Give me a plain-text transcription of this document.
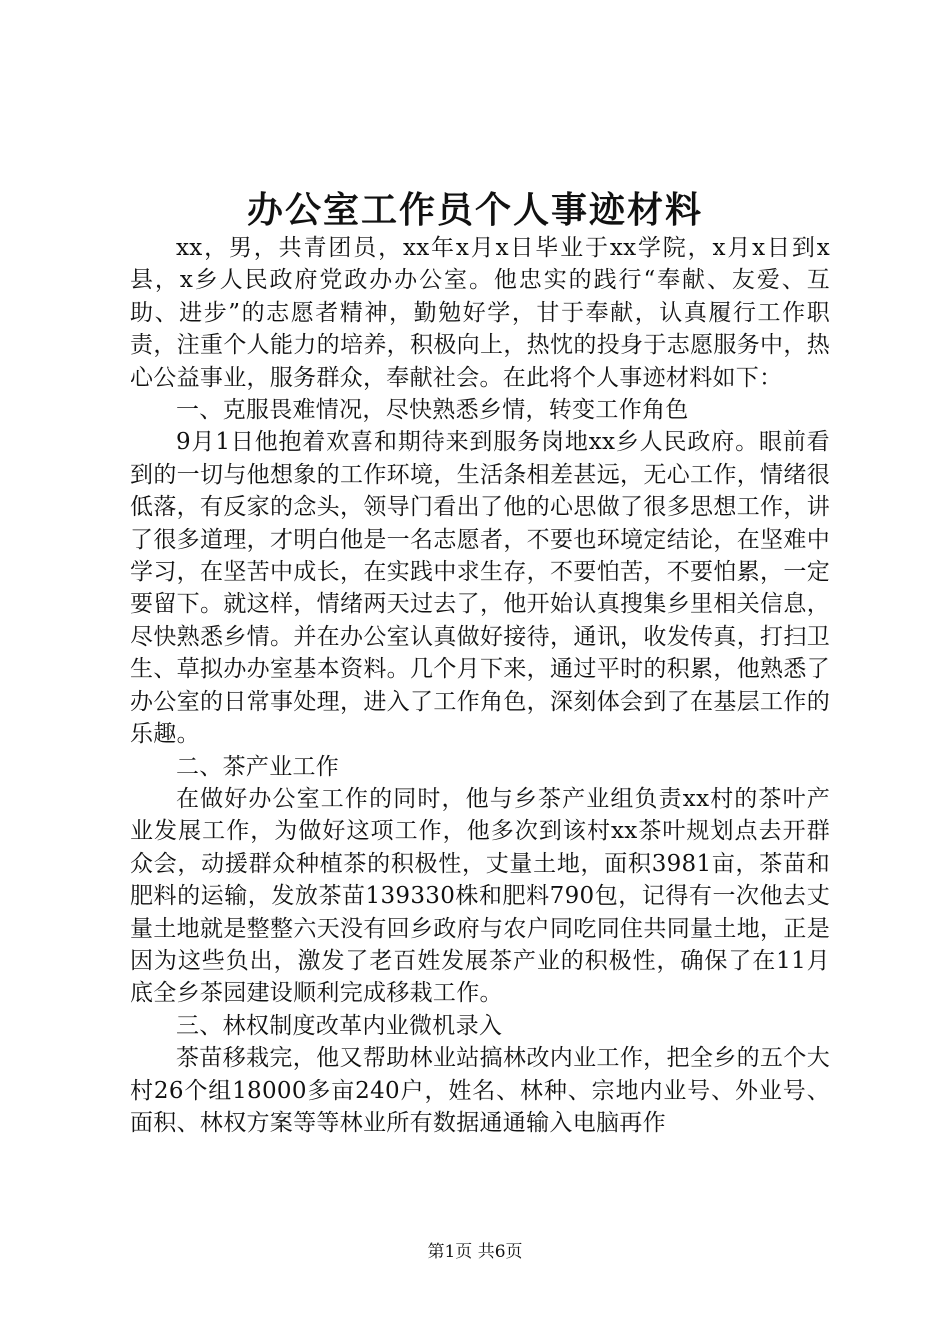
办公室工作员个人事迹材料

xx，男，共青团员，xx年x月x日毕业于xx学院，x月x日到x县，x乡人民政府党政办办公室。他忠实的践行“奉献、友爱、互助、进步”的志愿者精神，勤勉好学，甘于奉献，认真履行工作职责，注重个人能力的培养，积极向上，热忱的投身于志愿服务中，热心公益事业，服务群众，奉献社会。在此将个人事迹材料如下：

一、克服畏难情况，尽快熟悉乡情，转变工作角色

9月1日他抱着欢喜和期待来到服务岗地xx乡人民政府。眼前看到的一切与他想象的工作环境，生活条相差甚远，无心工作，情绪很低落，有反家的念头，领导门看出了他的心思做了很多思想工作，讲了很多道理，才明白他是一名志愿者，不要也环境定结论，在坚难中学习，在坚苦中成长，在实践中求生存，不要怕苦，不要怕累，一定要留下。就这样，情绪两天过去了，他开始认真搜集乡里相关信息，尽快熟悉乡情。并在办公室认真做好接待，通讯，收发传真，打扫卫生、草拟办办室基本资料。几个月下来，通过平时的积累，他熟悉了办公室的日常事处理，进入了工作角色，深刻体会到了在基层工作的乐趣。

二、茶产业工作

在做好办公室工作的同时，他与乡茶产业组负责xx村的茶叶产业发展工作，为做好这项工作，他多次到该村xx茶叶规划点去开群众会，动援群众种植茶的积极性，丈量土地，面积3981亩，茶苗和肥料的运输，发放茶苗139330株和肥料790包，记得有一次他去丈量土地就是整整六天没有回乡政府与农户同吃同住共同量土地，正是因为这些负出，激发了老百姓发展茶产业的积极性，确保了在11月底全乡茶园建设顺利完成移栽工作。

三、林权制度改革内业微机录入

茶苗移栽完，他又帮助林业站搞林改内业工作，把全乡的五个大村26个组18000多亩240户，姓名、林种、宗地内业号、外业号、面积、林权方案等等林业所有数据通通输入电脑再作

第1页 共6页
